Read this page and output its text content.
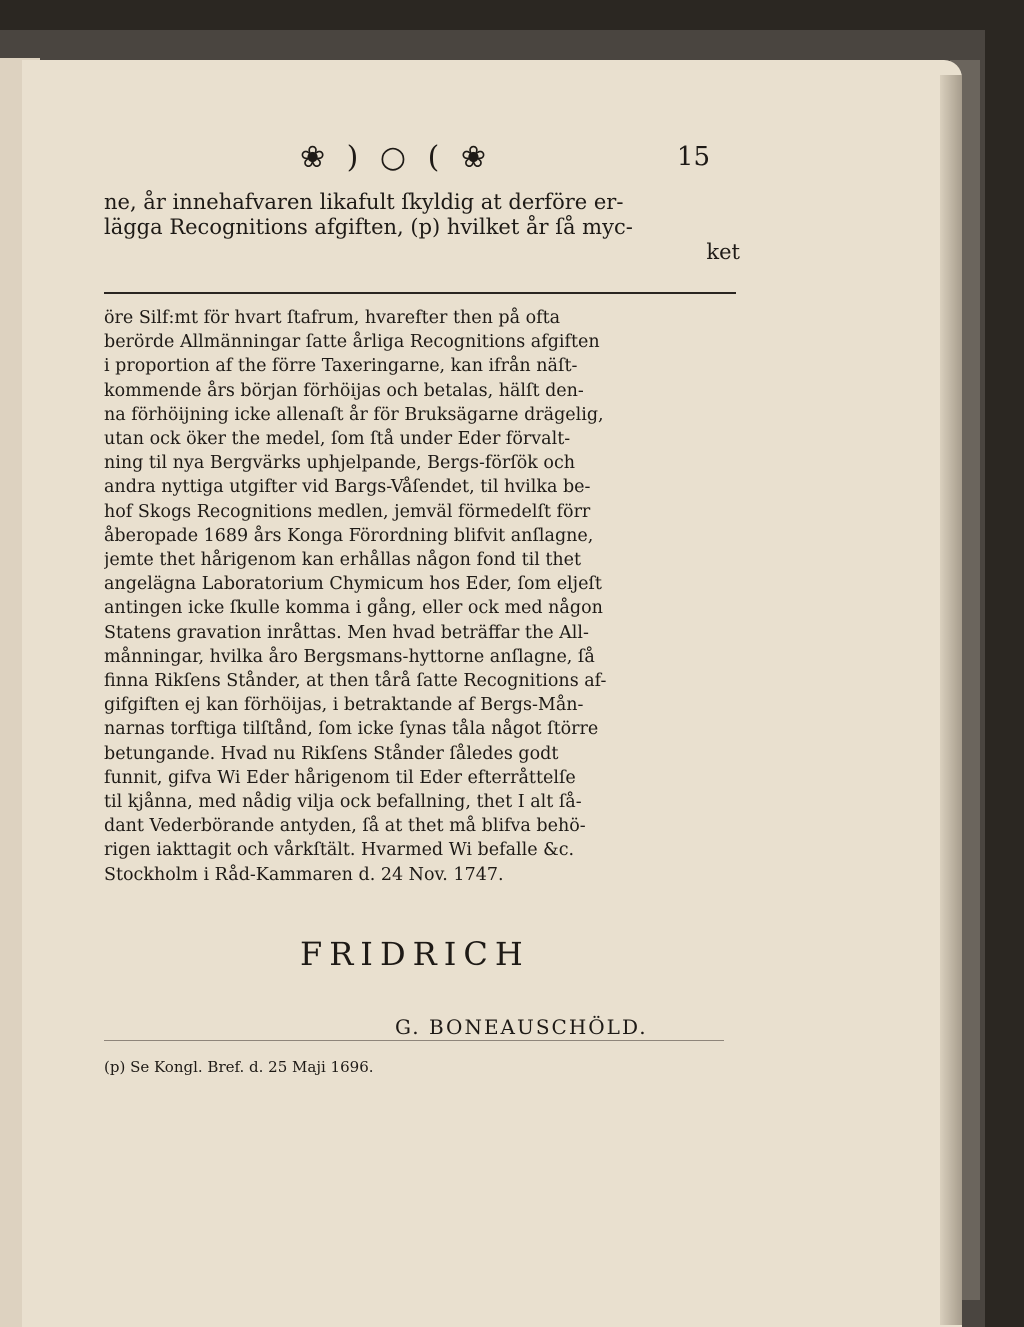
❀ ) ○ ( ❀	15
ne, år innehafvaren likafult ſkyldig at derföre er-
lägga Recognitions afgiften, (p) hvilket år ſå myc-
ket
öre Silf:mt för hvart ſtafrum, hvarefter then på ofta
berörde Allmänningar ſatte årliga Recognitions afgiften
i proportion af the förre Taxeringarne, kan ifrån näſt-
kommende års början förhöijas och betalas, hälſt den-
na förhöijning icke allenaſt år för Bruksägarne drägelig,
utan ock öker the medel, ſom ſtå under Eder förvalt-
ning til nya Bergvärks uphjelpande, Bergs-förſök och
andra nyttiga utgifter vid Bargs-Våſendet, til hvilka be-
hof Skogs Recognitions medlen, jemväl förmedelſt förr
åberopade 1689 års Konga Förordning blifvit anſlagne,
jemte thet hårigenom kan erhållas någon fond til thet
angelägna Laboratorium Chymicum hos Eder, ſom eljeſt
antingen icke ſkulle komma i gång, eller ock med någon
Statens gravation inråttas. Men hvad beträffar the All-
månningar, hvilka åro Bergsmans-hyttorne anſlagne, ſå
finna Rikſens Stånder, at then tårå ſatte Recognitions af-
gifgiften ej kan förhöijas, i betraktande af Bergs-Mån-
narnas torftiga tilſtånd, ſom icke ſynas tåla något ſtörre
betungande. Hvad nu Rikſens Stånder ſåledes godt
funnit, gifva Wi Eder hårigenom til Eder efterråttelſe
til kjånna, med nådig vilja ock befallning, thet I alt ſå-
dant Vederbörande antyden, ſå at thet må blifva behö-
rigen iakttagit och vårkſtält. Hvarmed Wi befalle &c.
Stockholm i Råd-Kammaren d. 24 Nov. 1747.
FRIDRICH
G. BONEAUSCHÖLD.
(p) Se Kongl. Bref. d. 25 Maji 1696.
